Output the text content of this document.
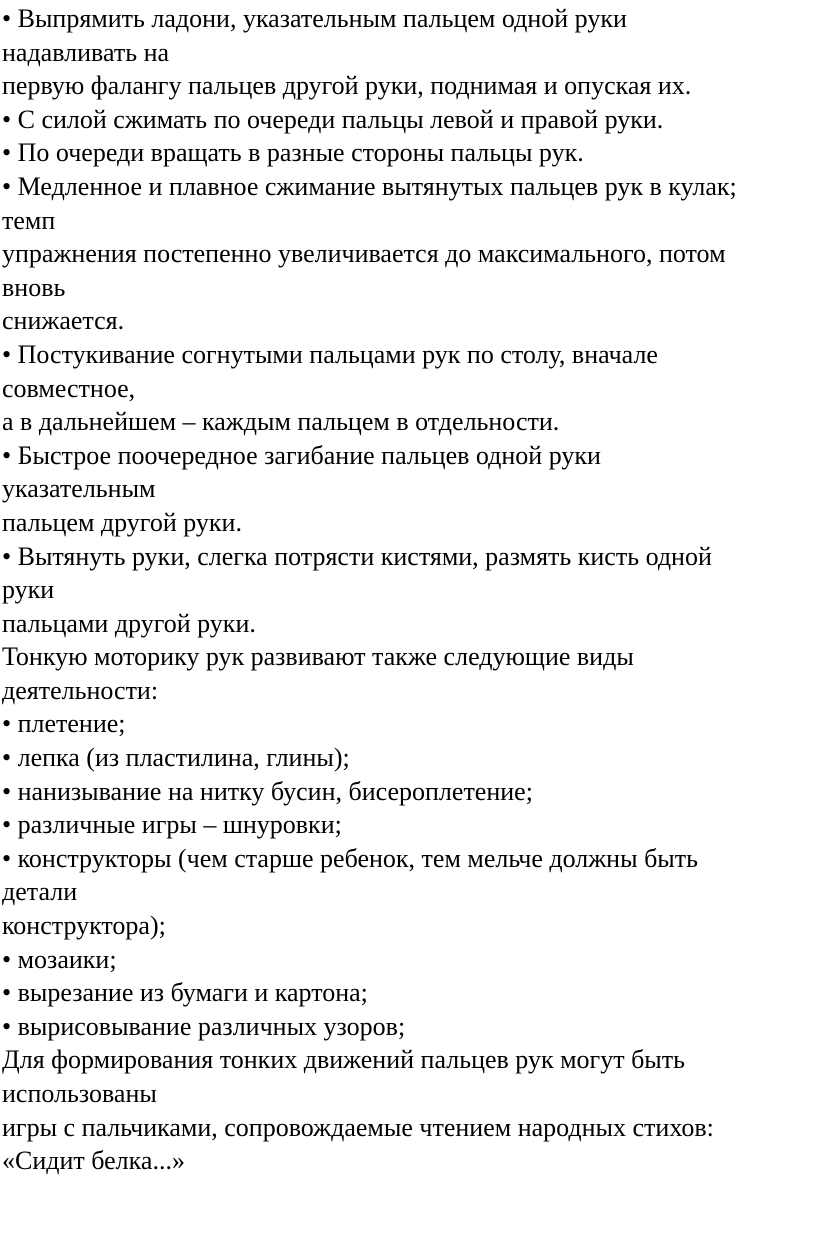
• Выпрямить ладони, указательным пальцем одной руки
надавливать на
первую фалангу пальцев другой руки, поднимая и опуская их.
• С силой сжимать по очереди пальцы левой и правой руки.
• По очереди вращать в разные стороны пальцы рук.
• Медленное и плавное сжимание вытянутых пальцев рук в кулак;
темп
упражнения постепенно увеличивается до максимального, потом
вновь
снижается.
• Постукивание согнутыми пальцами рук по столу, вначале
совместное,
а в дальнейшем – каждым пальцем в отдельности.
• Быстрое поочередное загибание пальцев одной руки
указательным
пальцем другой руки.
• Вытянуть руки, слегка потрясти кистями, размять кисть одной
руки
пальцами другой руки.
Тонкую моторику рук развивают также следующие виды
деятельности:
• плетение;
• лепка (из пластилина, глины);
• нанизывание на нитку бусин, бисероплетение;
• различные игры – шнуровки;
• конструкторы (чем старше ребенок, тем мельче должны быть
детали
конструктора);
• мозаики;
• вырезание из бумаги и картона;
• вырисовывание различных узоров;
Для формирования тонких движений пальцев рук могут быть
использованы
игры с пальчиками, сопровождаемые чтением народных стихов:
«Сидит белка...»
